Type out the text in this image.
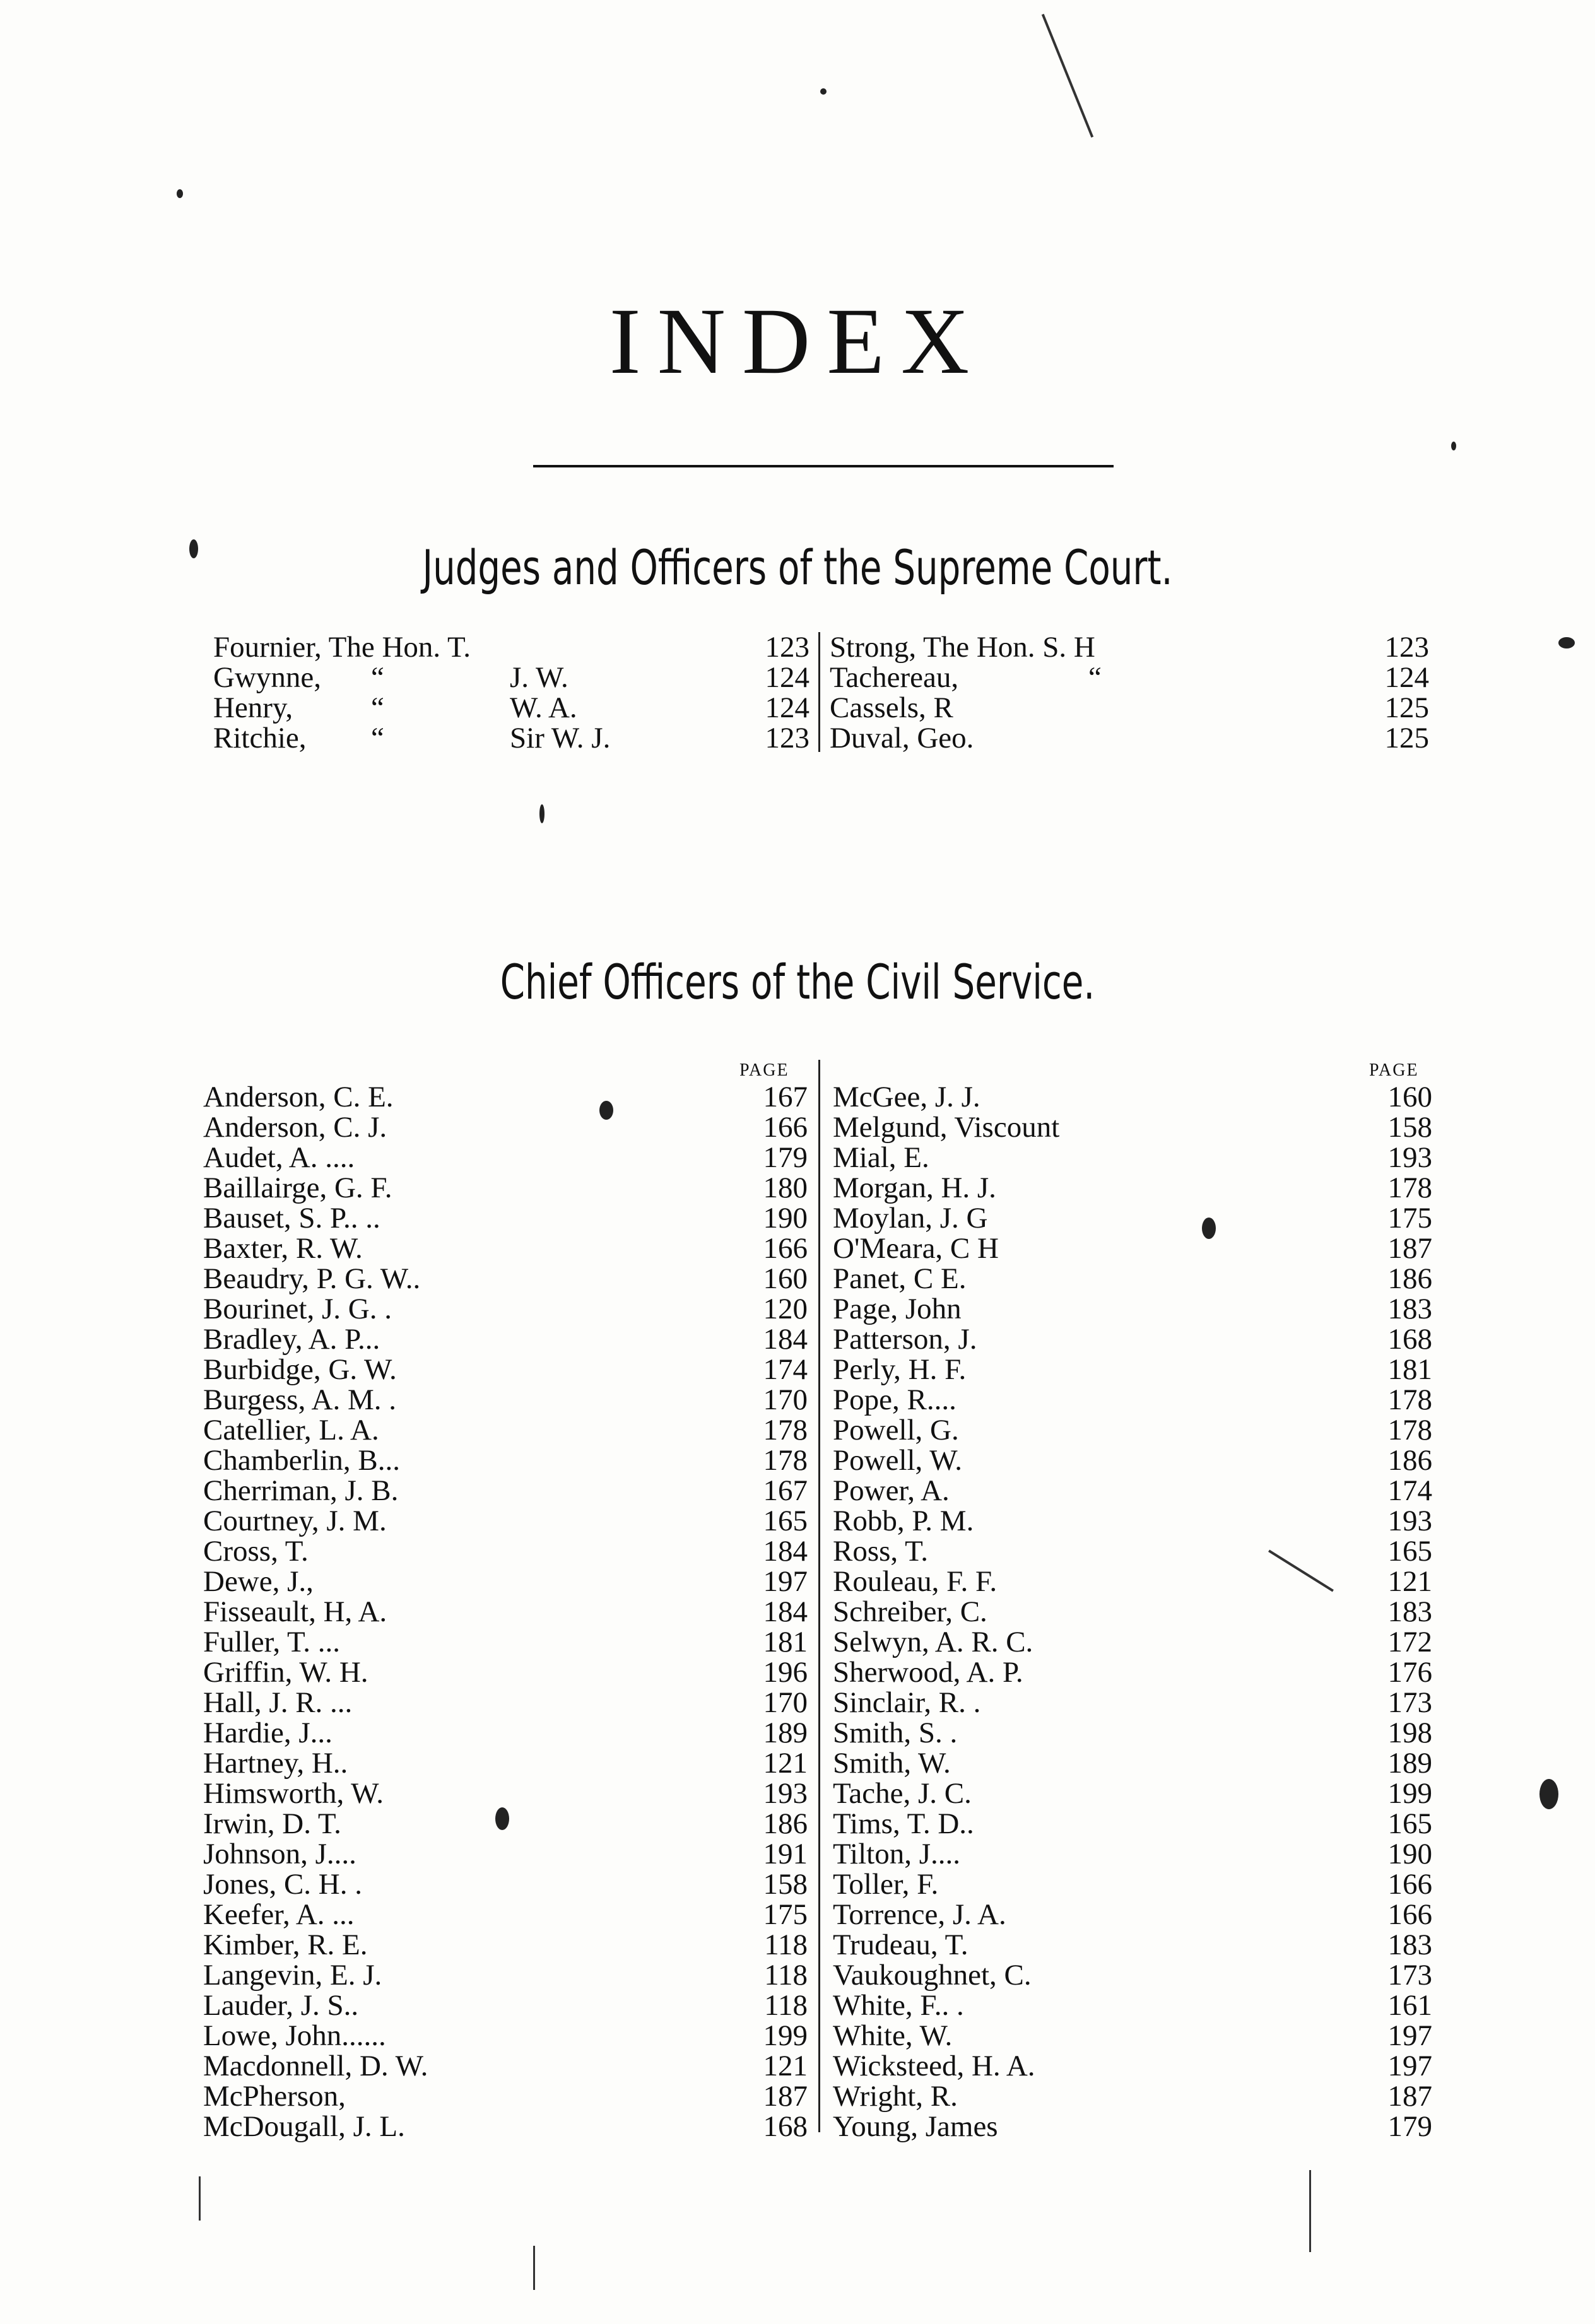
INDEX
Judges and Officers of the Supreme Court.
Fournier, The Hon. T.	123
Gwynne, “	J. W.	124
Henry,	“	W. A.	124
Ritchie, “	Sir W. J.	123
Strong, The Hon. S. H	123
Tachereau,	“	124
Cassels, R	125
Duval, Geo.	125
Chief Officers of the Civil Service.
PAGE	PAGE
Anderson, C. E.	167
Anderson, C. J.	166
Audet, A. ....	179
Baillairge, G. F.	180
Bauset, S. P.. ..	190
Baxter, R. W.	166
Beaudry, P. G. W..	160
Bourinet, J. G. .	120
Bradley, A. P...	184
Burbidge, G. W.	174
Burgess, A. M. .	170
Catellier, L. A.	178
Chamberlin, B...	178
Cherriman, J. B.	167
Courtney, J. M.	165
Cross, T.	184
Dewe, J.,	197
Fisseault, H, A.	184
Fuller, T. ...	181
Griffin, W. H.	196
Hall, J. R. ...	170
Hardie, J...	189
Hartney, H..	121
Himsworth, W.	193
Irwin, D. T.	186
Johnson, J....	191
Jones, C. H. .	158
Keefer, A. ...	175
Kimber, R. E.	118
Langevin, E. J.	118
Lauder, J. S..	118
Lowe, John......	199
Macdonnell, D. W.	121
McPherson,	187
McDougall, J. L.	168
McGee, J. J.	160
Melgund, Viscount	158
Mial, E.	193
Morgan, H. J.	178
Moylan, J. G	175
O'Meara, C H	187
Panet, C E.	186
Page, John	183
Patterson, J.	168
Perly, H. F.	181
Pope, R....	178
Powell, G.	178
Powell, W.	186
Power, A.	174
Robb, P. M.	193
Ross, T.	165
Rouleau, F. F.	121
Schreiber, C.	183
Selwyn, A. R. C.	172
Sherwood, A. P.	176
Sinclair, R. .	173
Smith, S. .	198
Smith, W.	189
Tache, J. C.	199
Tims, T. D..	165
Tilton, J....	190
Toller, F.	166
Torrence, J. A.	166
Trudeau, T.	183
Vaukoughnet, C.	173
White, F.. .	161
White, W.	197
Wicksteed, H. A.	197
Wright, R.	187
Young, James	179
